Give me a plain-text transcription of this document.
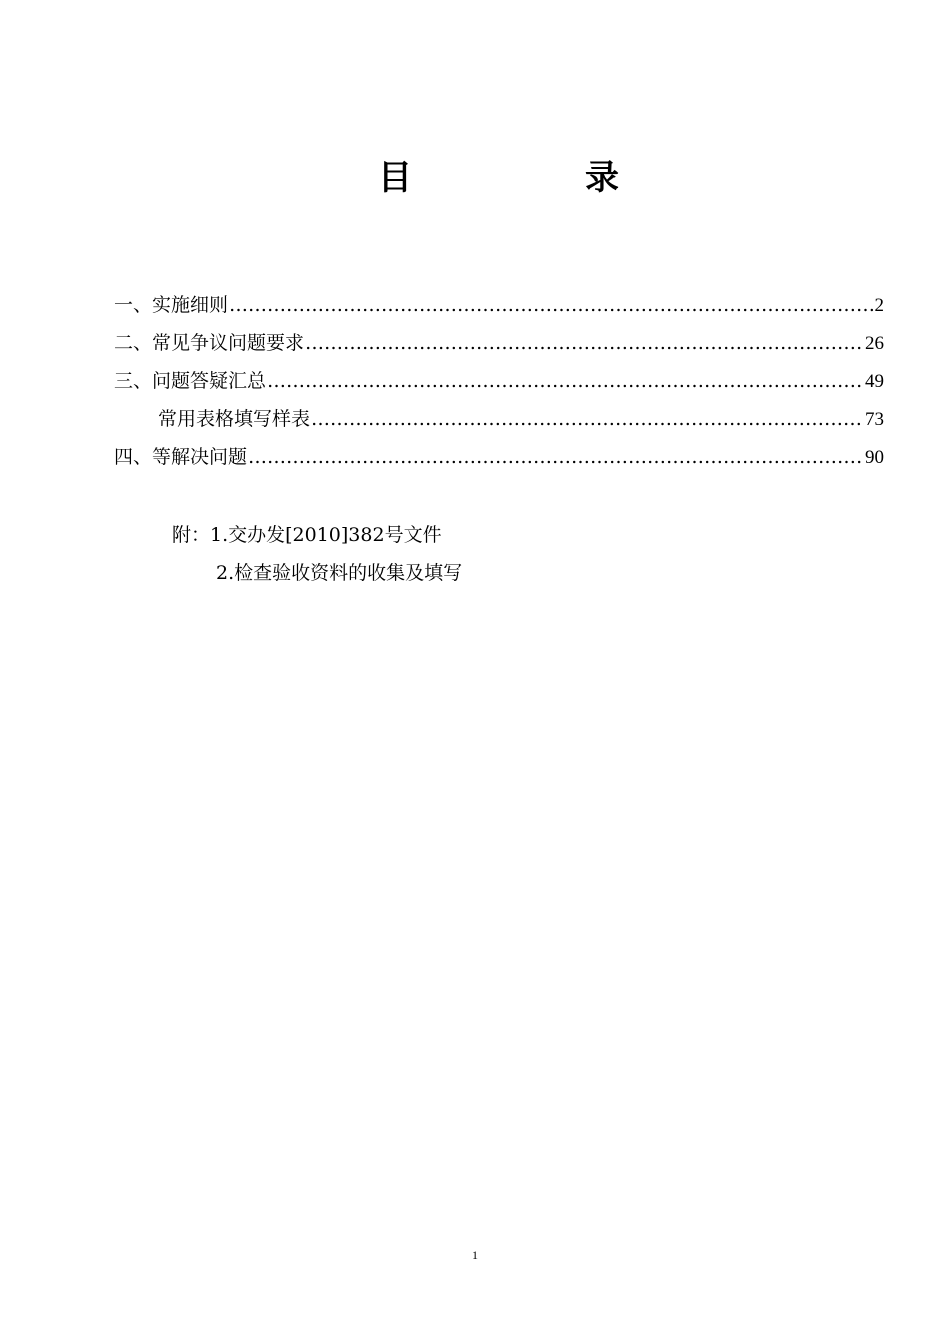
目	录
一、实施细则 …………………………………………………………………………………………………………………………………………………………………………………………………	2
二、常见争议问题要求 …………………………………………………………………………………………………………………………………………………………………………………………………	26
三、问题答疑汇总 …………………………………………………………………………………………………………………………………………………………………………………………………	49
常用表格填写样表 …………………………………………………………………………………………………………………………………………………………………………………………………	73
四、等解决问题 …………………………………………………………………………………………………………………………………………………………………………………………………	90
附：1.交办发[2010]382号文件
2.检查验收资料的收集及填写
1
